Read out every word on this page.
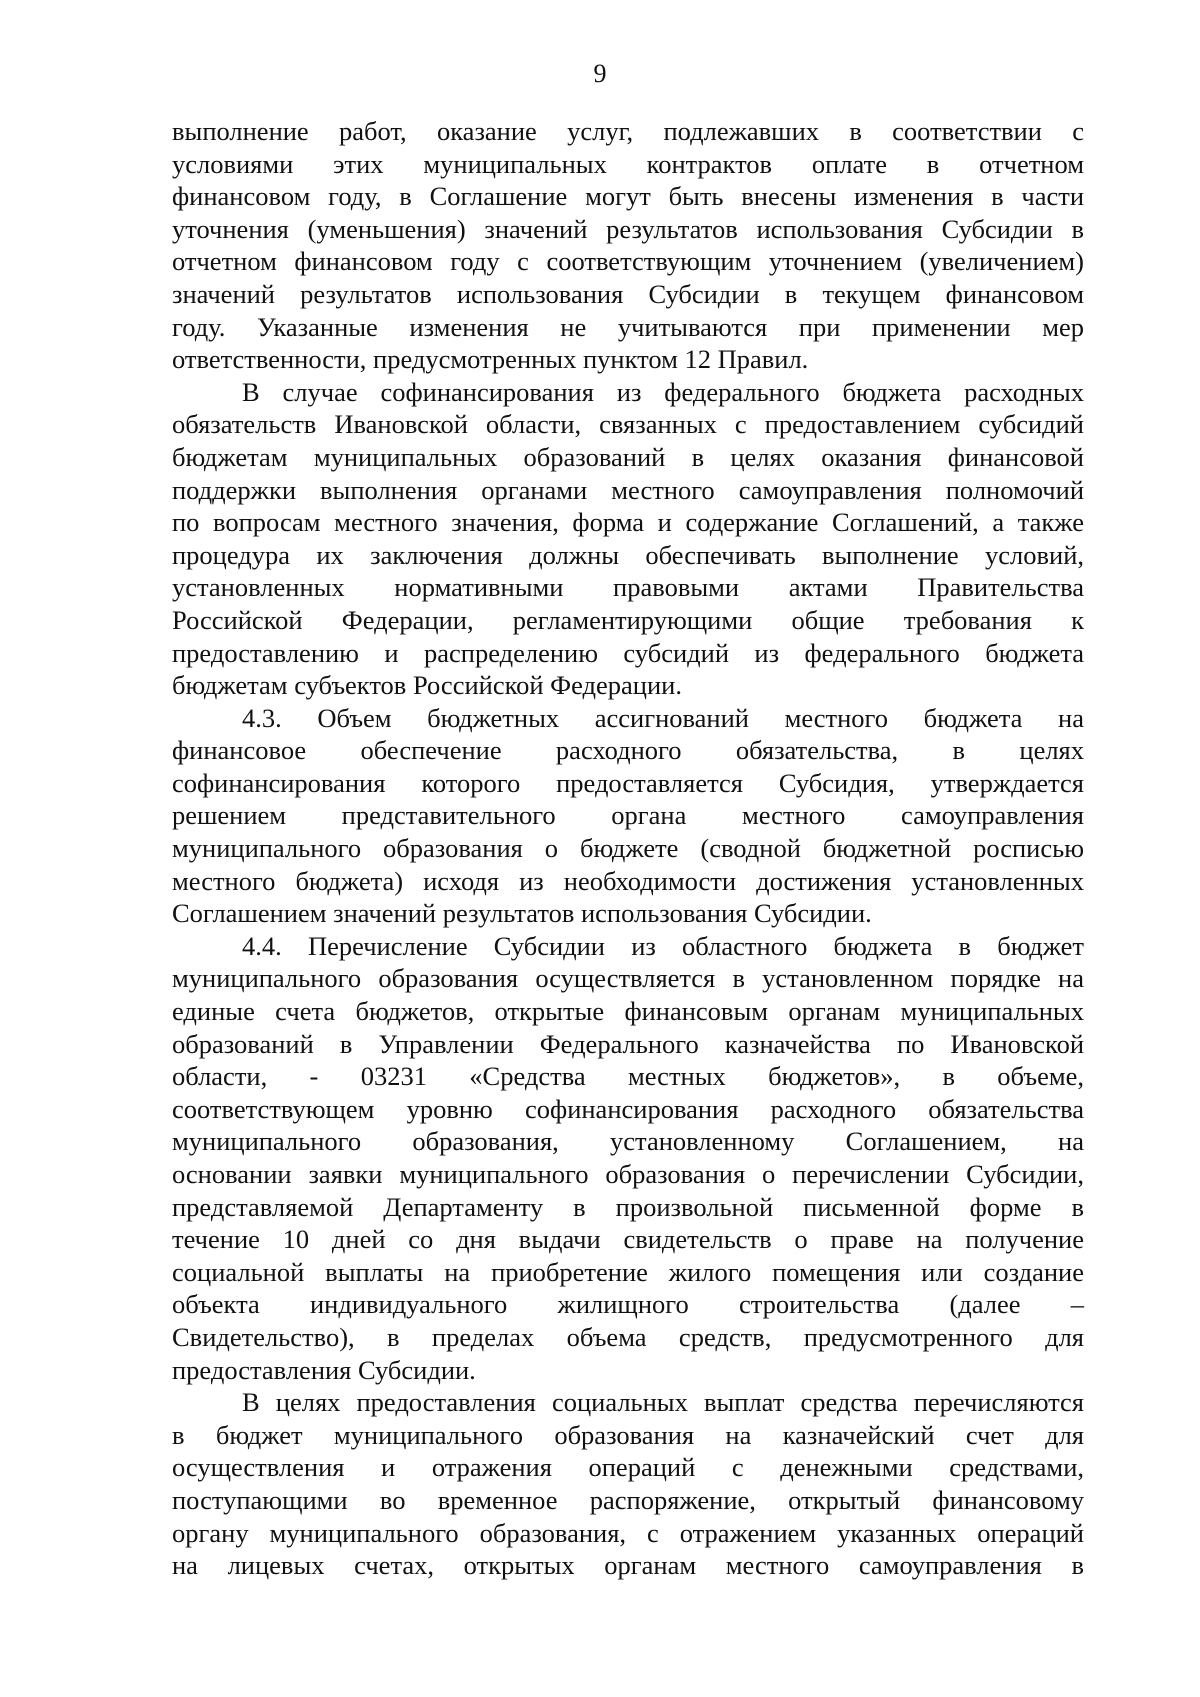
9
выполнение работ, оказание услуг, подлежавших в соответствии с
условиями этих муниципальных контрактов оплате в отчетном
финансовом году, в Соглашение могут быть внесены изменения в части
уточнения (уменьшения) значений результатов использования Субсидии в
отчетном финансовом году с соответствующим уточнением (увеличением)
значений результатов использования Субсидии в текущем финансовом
году. Указанные изменения не учитываются при применении мер
ответственности, предусмотренных пунктом 12 Правил.
В случае софинансирования из федерального бюджета расходных
обязательств Ивановской области, связанных с предоставлением субсидий
бюджетам муниципальных образований в целях оказания финансовой
поддержки выполнения органами местного самоуправления полномочий
по вопросам местного значения, форма и содержание Соглашений, а также
процедура их заключения должны обеспечивать выполнение условий,
установленных нормативными правовыми актами Правительства
Российской Федерации, регламентирующими общие требования к
предоставлению и распределению субсидий из федерального бюджета
бюджетам субъектов Российской Федерации.
4.3. Объем бюджетных ассигнований местного бюджета на
финансовое обеспечение расходного обязательства, в целях
софинансирования которого предоставляется Субсидия, утверждается
решением представительного органа местного самоуправления
муниципального образования о бюджете (сводной бюджетной росписью
местного бюджета) исходя из необходимости достижения установленных
Соглашением значений результатов использования Субсидии.
4.4. Перечисление Субсидии из областного бюджета в бюджет
муниципального образования осуществляется в установленном порядке на
единые счета бюджетов, открытые финансовым органам муниципальных
образований в Управлении Федерального казначейства по Ивановской
области, - 03231 «Средства местных бюджетов», в объеме,
соответствующем уровню софинансирования расходного обязательства
муниципального образования, установленному Соглашением, на
основании заявки муниципального образования о перечислении Субсидии,
представляемой Департаменту в произвольной письменной форме в
течение 10 дней со дня выдачи свидетельств о праве на получение
социальной выплаты на приобретение жилого помещения или создание
объекта индивидуального жилищного строительства (далее –
Свидетельство), в пределах объема средств, предусмотренного для
предоставления Субсидии.
В целях предоставления социальных выплат средства перечисляются
в бюджет муниципального образования на казначейский счет для
осуществления и отражения операций с денежными средствами,
поступающими во временное распоряжение, открытый финансовому
органу муниципального образования, с отражением указанных операций
на лицевых счетах, открытых органам местного самоуправления в
